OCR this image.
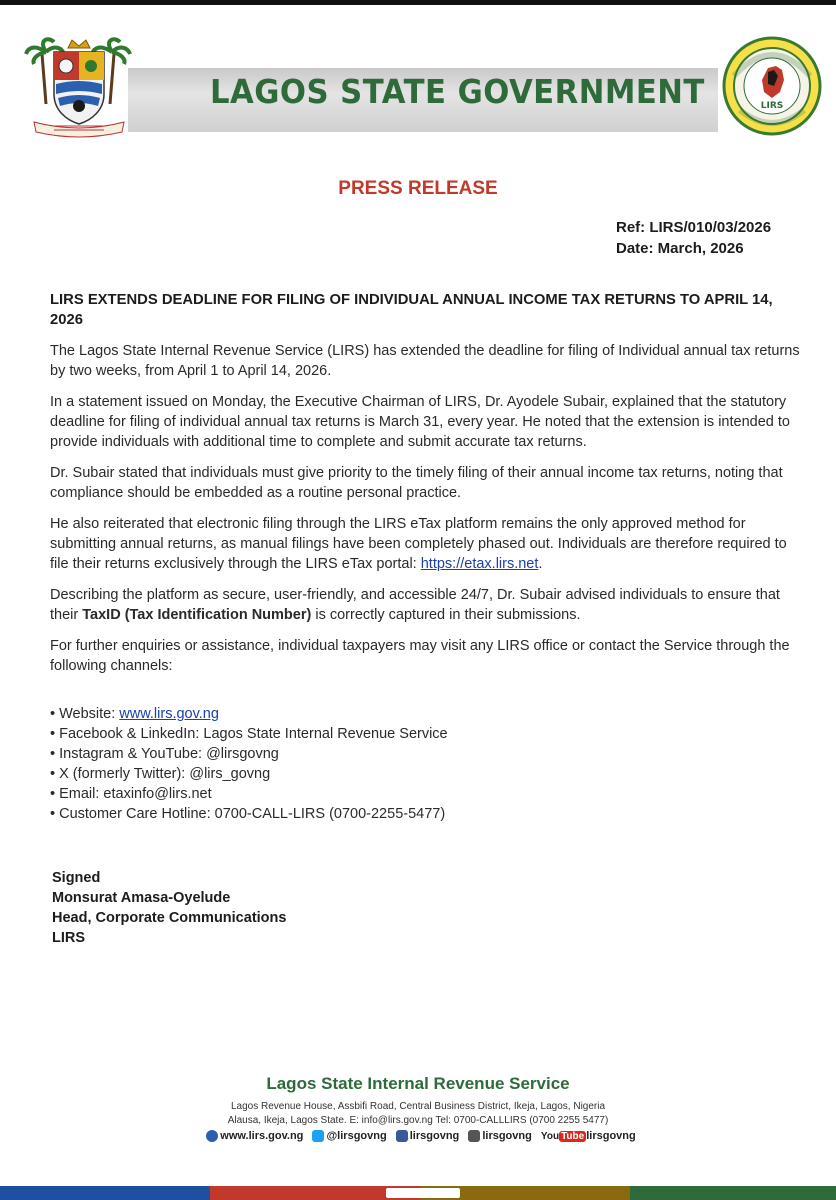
LAGOS STATE GOVERNMENT	LIRS
PRESS RELEASE
Ref: LIRS/010/03/2026
Date: March, 2026
LIRS EXTENDS DEADLINE FOR FILING OF INDIVIDUAL ANNUAL INCOME TAX RETURNS TO APRIL 14, 2026

The Lagos State Internal Revenue Service (LIRS) has extended the deadline for filing of Individual annual tax returns by two weeks, from April 1 to April 14, 2026.

In a statement issued on Monday, the Executive Chairman of LIRS, Dr. Ayodele Subair, explained that the statutory deadline for filing of individual annual tax returns is March 31, every year. He noted that the extension is intended to provide individuals with additional time to complete and submit accurate tax returns.

Dr. Subair stated that individuals must give priority to the timely filing of their annual income tax returns, noting that compliance should be embedded as a routine personal practice.

He also reiterated that electronic filing through the LIRS eTax platform remains the only approved method for submitting annual returns, as manual filings have been completely phased out. Individuals are therefore required to file their returns exclusively through the LIRS eTax portal: https://etax.lirs.net.

Describing the platform as secure, user-friendly, and accessible 24/7, Dr. Subair advised individuals to ensure that their TaxID (Tax Identification Number) is correctly captured in their submissions.

For further enquiries or assistance, individual taxpayers may visit any LIRS office or contact the Service through the following channels:

• Website: www.lirs.gov.ng
• Facebook & LinkedIn: Lagos State Internal Revenue Service
• Instagram & YouTube: @lirsgovng
• X (formerly Twitter): @lirs_govng
• Email: etaxinfo@lirs.net
• Customer Care Hotline: 0700-CALL-LIRS (0700-2255-5477)
Signed
Monsurat Amasa-Oyelude
Head, Corporate Communications
LIRS
Lagos State Internal Revenue Service
Lagos Revenue House, Assbifi Road, Central Business District, Ikeja, Lagos, Nigeria
Alausa, Ikeja, Lagos State. E: info@lirs.gov.ng Tel: 0700-CALLLIRS (0700 2255 5477)
www.lirs.gov.ng @lirsgovng lirsgovng lirsgovng You Tube lirsgovng
